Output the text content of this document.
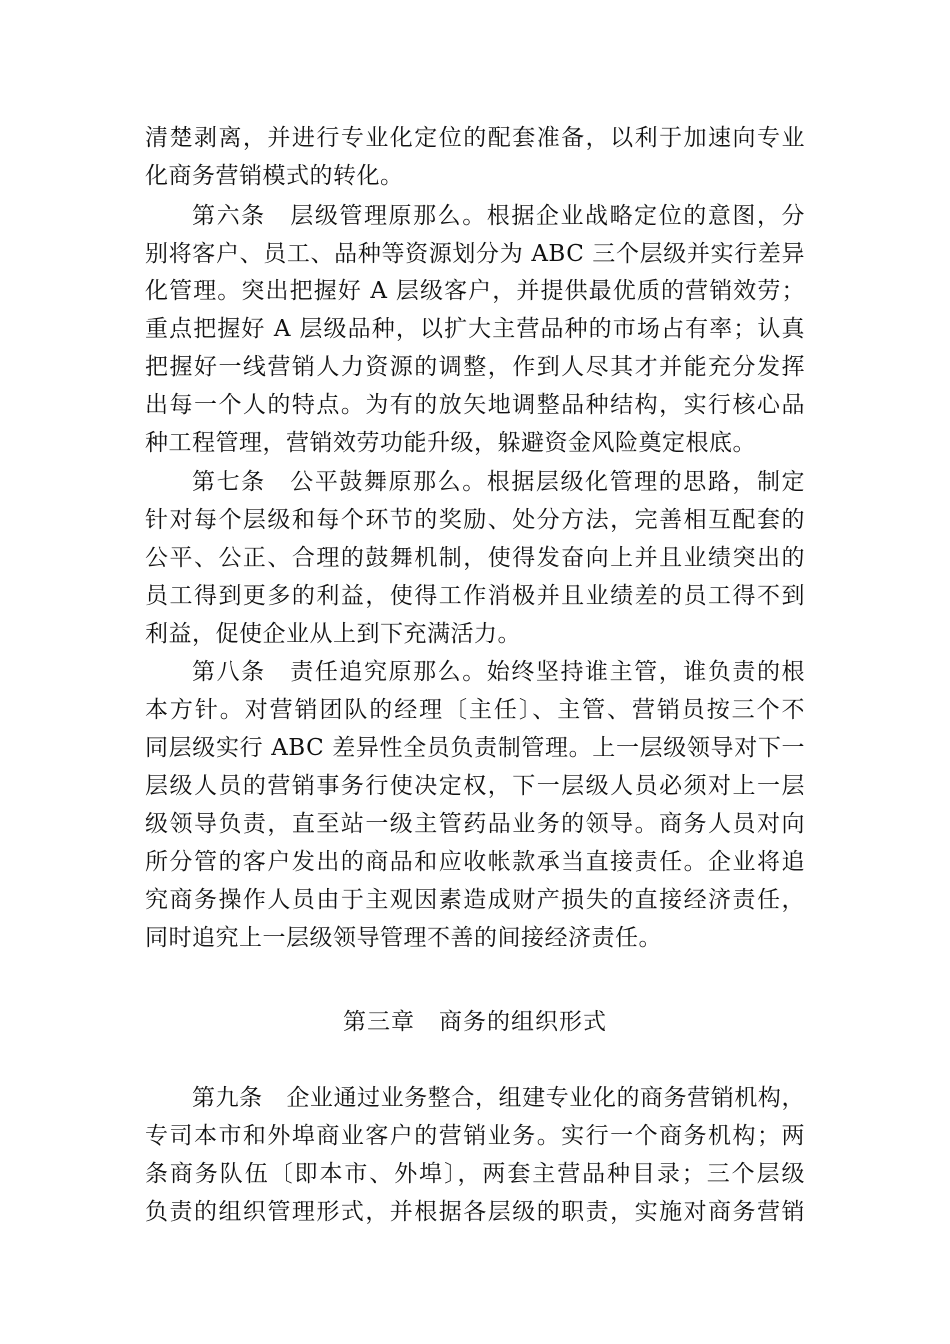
清楚剥离，并进行专业化定位的配套准备，以利于加速向专业
化商务营销模式的转化。
第六条　层级管理原那么。根据企业战略定位的意图，分
别将客户、员工、品种等资源划分为 ABC 三个层级并实行差异
化管理。突出把握好 A 层级客户，并提供最优质的营销效劳；
重点把握好 A 层级品种，以扩大主营品种的市场占有率；认真
把握好一线营销人力资源的调整，作到人尽其才并能充分发挥
出每一个人的特点。为有的放矢地调整品种结构，实行核心品
种工程管理，营销效劳功能升级，躲避资金风险奠定根底。
第七条　公平鼓舞原那么。根据层级化管理的思路，制定
针对每个层级和每个环节的奖励、处分方法，完善相互配套的
公平、公正、合理的鼓舞机制，使得发奋向上并且业绩突出的
员工得到更多的利益，使得工作消极并且业绩差的员工得不到
利益，促使企业从上到下充满活力。
第八条　责任追究原那么。始终坚持谁主管，谁负责的根
本方针。对营销团队的经理〔主任〕、主管、营销员按三个不
同层级实行 ABC 差异性全员负责制管理。上一层级领导对下一
层级人员的营销事务行使决定权，下一层级人员必须对上一层
级领导负责，直至站一级主管药品业务的领导。商务人员对向
所分管的客户发出的商品和应收帐款承当直接责任。企业将追
究商务操作人员由于主观因素造成财产损失的直接经济责任，
同时追究上一层级领导管理不善的间接经济责任。
第三章　商务的组织形式
第九条　企业通过业务整合，组建专业化的商务营销机构，
专司本市和外埠商业客户的营销业务。实行一个商务机构；两
条商务队伍〔即本市、外埠〕，两套主营品种目录；三个层级
负责的组织管理形式，并根据各层级的职责，实施对商务营销
